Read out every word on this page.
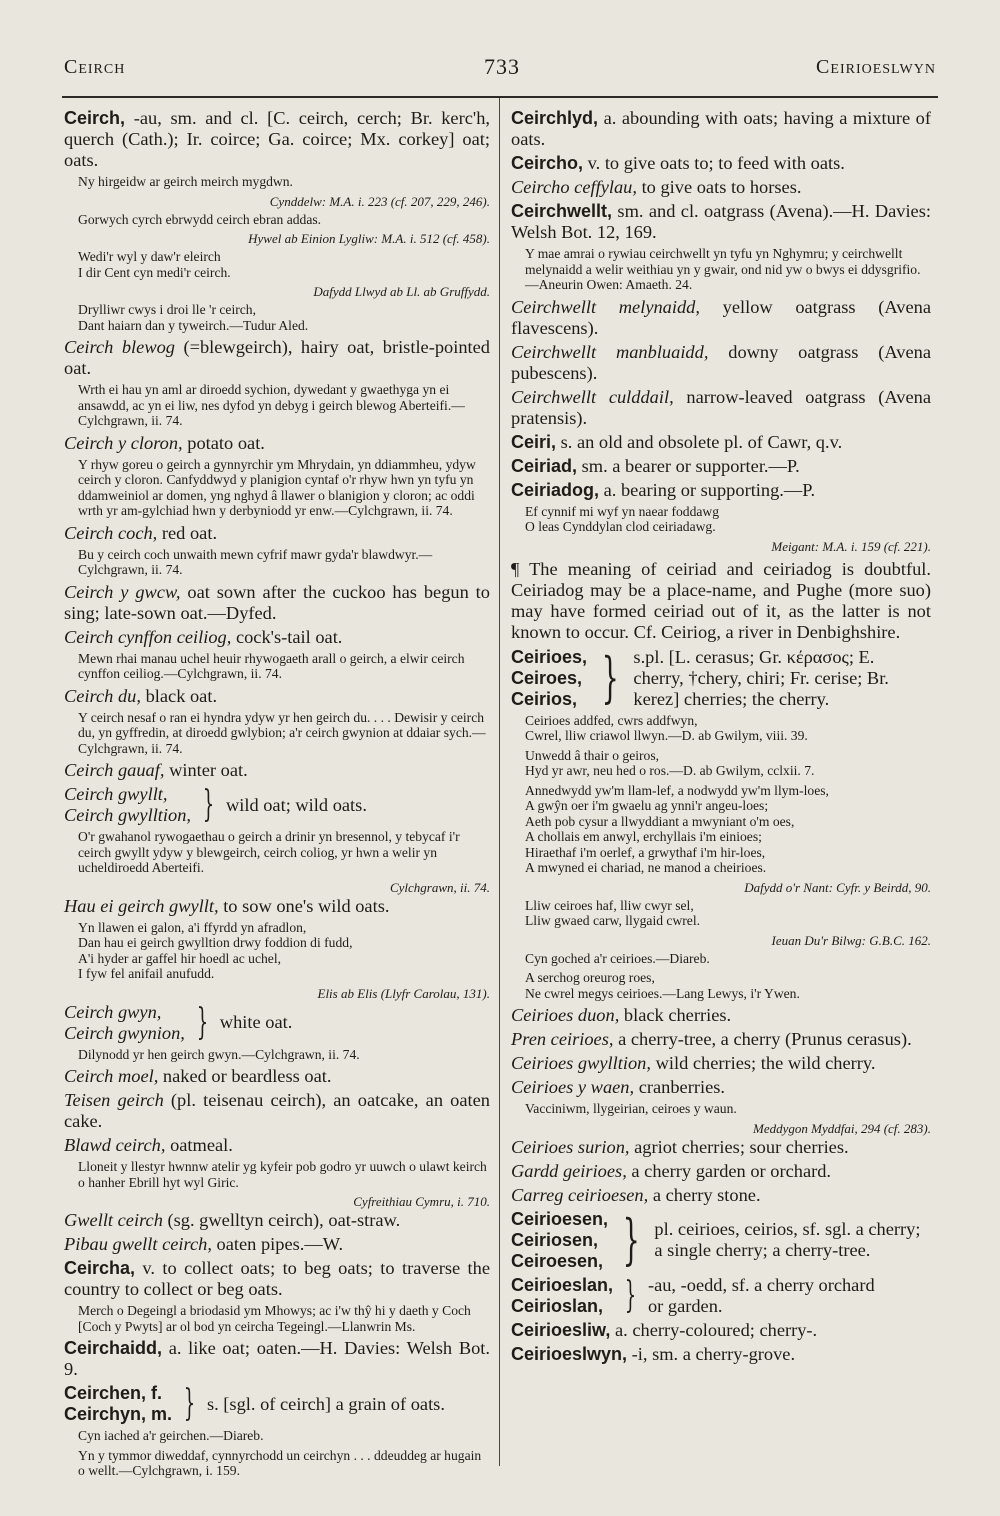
Ceirch	733	Ceirioeslwyn
Ceirch, -au, sm. and cl. [C. ceirch, cerch; Br. kerc'h, querch (Cath.); Ir. coirce; Ga. coirce; Mx. corkey] oat; oats.
Ny hirgeidw ar geirch meirch mygdwn.
Cynddelw: M.A. i. 223 (cf. 207, 229, 246).
Gorwych cyrch ebrwydd ceirch ebran addas.
Hywel ab Einion Lygliw: M.A. i. 512 (cf. 458).
Wedi'r wyl y daw'r eleirch
I dir Cent cyn medi'r ceirch.
Dafydd Llwyd ab Ll. ab Gruffydd.
Drylliwr cwys i droi lle 'r ceirch,
Dant haiarn dan y tyweirch.—Tudur Aled.
Ceirch blewog (=blewgeirch), hairy oat, bristle-pointed oat.
Wrth ei hau yn aml ar diroedd sychion, dywedant y gwaethyga yn ei ansawdd, ac yn ei liw, nes dyfod yn debyg i geirch blewog Aberteifi.—Cylchgrawn, ii. 74.
Ceirch y cloron, potato oat.
Y rhyw goreu o geirch a gynnyrchir ym Mhrydain, yn ddiammheu, ydyw ceirch y cloron. Canfyddwyd y planigion cyntaf o'r rhyw hwn yn tyfu yn ddamweiniol ar domen, yng nghyd â llawer o blanigion y cloron; ac oddi wrth yr am-gylchiad hwn y derbyniodd yr enw.—Cylchgrawn, ii. 74.
Ceirch coch, red oat.
Bu y ceirch coch unwaith mewn cyfrif mawr gyda'r blawdwyr.—Cylchgrawn, ii. 74.
Ceirch y gwcw, oat sown after the cuckoo has begun to sing; late-sown oat.—Dyfed.
Ceirch cynffon ceiliog, cock's-tail oat.
Mewn rhai manau uchel heuir rhywogaeth arall o geirch, a elwir ceirch cynffon ceiliog.—Cylchgrawn, ii. 74.
Ceirch du, black oat.
Y ceirch nesaf o ran ei hyndra ydyw yr hen geirch du. . . . Dewisir y ceirch du, yn gyffredin, at diroedd gwlybion; a'r ceirch gwynion at ddaiar sych.—Cylchgrawn, ii. 74.
Ceirch gauaf, winter oat.
Ceirch gwyllt,
Ceirch gwylltion, } wild oat; wild oats.
O'r gwahanol rywogaethau o geirch a drinir yn bresennol, y tebycaf i'r ceirch gwyllt ydyw y blewgeirch, ceirch coliog, yr hwn a welir yn ucheldiroedd Aberteifi.
Cylchgrawn, ii. 74.
Hau ei geirch gwyllt, to sow one's wild oats.
Yn llawen ei galon, a'i ffyrdd yn afradlon,
Dan hau ei geirch gwylltion drwy foddion di fudd,
A'i hyder ar gaffel hir hoedl ac uchel,
I fyw fel anifail anufudd.
Elis ab Elis (Llyfr Carolau, 131).
Ceirch gwyn,
Ceirch gwynion, } white oat.
Dilynodd yr hen geirch gwyn.—Cylchgrawn, ii. 74.
Ceirch moel, naked or beardless oat.
Teisen geirch (pl. teisenau ceirch), an oatcake, an oaten cake.
Blawd ceirch, oatmeal.
Lloneit y llestyr hwnnw atelir yg kyfeir pob godro yr uuwch o ulawt keirch o hanher Ebrill hyt wyl Giric.
Cyfreithiau Cymru, i. 710.
Gwellt ceirch (sg. gwelltyn ceirch), oat-straw.
Pibau gwellt ceirch, oaten pipes.—W.
Ceircha, v. to collect oats; to beg oats; to traverse the country to collect or beg oats.
Merch o Degeingl a briodasid ym Mhowys; ac i'w thŷ hi y daeth y Coch [Coch y Pwyts] ar ol bod yn ceircha Tegeingl.—Llanwrin Ms.
Ceirchaidd, a. like oat; oaten.—H. Davies: Welsh Bot. 9.
Ceirchen, f.
Ceirchyn, m. } s. [sgl. of ceirch] a grain of oats.
Cyn iached a'r geirchen.—Diareb.
Yn y tymmor diweddaf, cynnyrchodd un ceirchyn . . . ddeuddeg ar hugain o wellt.—Cylchgrawn, i. 159.
Ceirchlyd, a. abounding with oats; having a mixture of oats.
Ceircho, v. to give oats to; to feed with oats.
Ceircho ceffylau, to give oats to horses.
Ceirchwellt, sm. and cl. oatgrass (Avena).—H. Davies: Welsh Bot. 12, 169.
Y mae amrai o rywiau ceirchwellt yn tyfu yn Nghymru; y ceirchwellt melynaidd a welir weithiau yn y gwair, ond nid yw o bwys ei ddysgrifio.—Aneurin Owen: Amaeth. 24.
Ceirchwellt melynaidd, yellow oatgrass (Avena flavescens).
Ceirchwellt manbluaidd, downy oatgrass (Avena pubescens).
Ceirchwellt culddail, narrow-leaved oatgrass (Avena pratensis).
Ceiri, s. an old and obsolete pl. of Cawr, q.v.
Ceiriad, sm. a bearer or supporter.—P.
Ceiriadog, a. bearing or supporting.—P.
Ef cynnif mi wyf yn naear foddawg
O leas Cynddylan clod ceiriadawg.
Meigant: M.A. i. 159 (cf. 221).
¶ The meaning of ceiriad and ceiriadog is doubtful. Ceiriadog may be a place-name, and Pughe (more suo) may have formed ceiriad out of it, as the latter is not known to occur. Cf. Ceiriog, a river in Denbighshire.
Ceirioes,
Ceiroes,
Ceirios, } s.pl. [L. cerasus; Gr. κέρασος; E.
cherry, †chery, chiri; Fr. cerise; Br.
kerez] cherries; the cherry.
Ceirioes addfed, cwrs addfwyn,
Cwrel, lliw criawol llwyn.—D. ab Gwilym, viii. 39.
Unwedd â thair o geiros,
Hyd yr awr, neu hed o ros.—D. ab Gwilym, cclxii. 7.
Annedwydd yw'm llam-lef, a nodwydd yw'm llym-loes,
A gwŷn oer i'm gwaelu ag ynni'r angeu-loes;
Aeth pob cysur a llwyddiant a mwyniant o'm oes,
A chollais em anwyl, erchyllais i'm einioes;
Hiraethaf i'm oerlef, a grwythaf i'm hir-loes,
A mwyned ei chariad, ne manod a cheirioes.
Dafydd o'r Nant: Cyfr. y Beirdd, 90.
Lliw ceiroes haf, lliw cwyr sel,
Lliw gwaed carw, llygaid cwrel.
Ieuan Du'r Bilwg: G.B.C. 162.
Cyn goched a'r ceirioes.—Diareb.
A serchog oreurog roes,
Ne cwrel megys ceirioes.—Lang Lewys, i'r Ywen.
Ceirioes duon, black cherries.
Pren ceirioes, a cherry-tree, a cherry (Prunus cerasus).
Ceirioes gwylltion, wild cherries; the wild cherry.
Ceirioes y waen, cranberries.
Vacciniwm, llygeirian, ceiroes y waun.
Meddygon Myddfai, 294 (cf. 283).
Ceirioes surion, agriot cherries; sour cherries.
Gardd geirioes, a cherry garden or orchard.
Carreg ceirioesen, a cherry stone.
Ceirioesen,
Ceiriosen,
Ceiroesen, } pl. ceirioes, ceirios, sf. sgl. a cherry;
a single cherry; a cherry-tree.
Ceirioeslan,
Ceirioslan, } -au, -oedd, sf. a cherry orchard
or garden.
Ceirioesliw, a. cherry-coloured; cherry-.
Ceirioeslwyn, -i, sm. a cherry-grove.
